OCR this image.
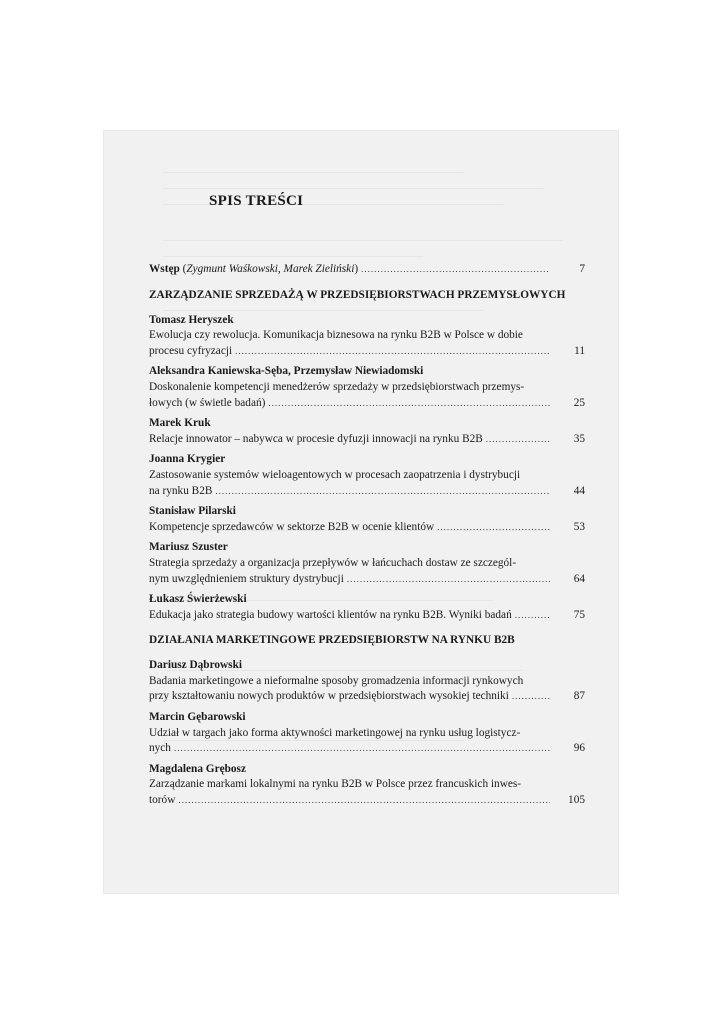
SPIS TREŚCI
Wstęp (Zygmunt Waśkowski, Marek Zieliński) .....	7
ZARZĄDZANIE SPRZEDAŻĄ W PRZEDSIĘBIORSTWACH PRZEMYSŁOWYCH
Tomasz Heryszek
Ewolucja czy rewolucja. Komunikacja biznesowa na rynku B2B w Polsce w dobie
procesu cyfryzacji .....	11
Aleksandra Kaniewska-Sęba, Przemysław Niewiadomski
Doskonalenie kompetencji menedżerów sprzedaży w przedsiębiorstwach przemys-
łowych (w świetle badań) .....	25
Marek Kruk
Relacje innowator – nabywca w procesie dyfuzji innowacji na rynku B2B .....	35
Joanna Krygier
Zastosowanie systemów wieloagentowych w procesach zaopatrzenia i dystrybucji
na rynku B2B .....	44
Stanisław Pilarski
Kompetencje sprzedawców w sektorze B2B w ocenie klientów .....	53
Mariusz Szuster
Strategia sprzedaży a organizacja przepływów w łańcuchach dostaw ze szczegól-
nym uwzględnieniem struktury dystrybucji .....	64
Łukasz Świerżewski
Edukacja jako strategia budowy wartości klientów na rynku B2B. Wyniki badań .....	75
DZIAŁANIA MARKETINGOWE PRZEDSIĘBIORSTW NA RYNKU B2B
Dariusz Dąbrowski
Badania marketingowe a nieformalne sposoby gromadzenia informacji rynkowych
przy kształtowaniu nowych produktów w przedsiębiorstwach wysokiej techniki .....	87
Marcin Gębarowski
Udział w targach jako forma aktywności marketingowej na rynku usług logistycz-
nych .....	96
Magdalena Grębosz
Zarządzanie markami lokalnymi na rynku B2B w Polsce przez francuskich inwes-
torów .....	105
